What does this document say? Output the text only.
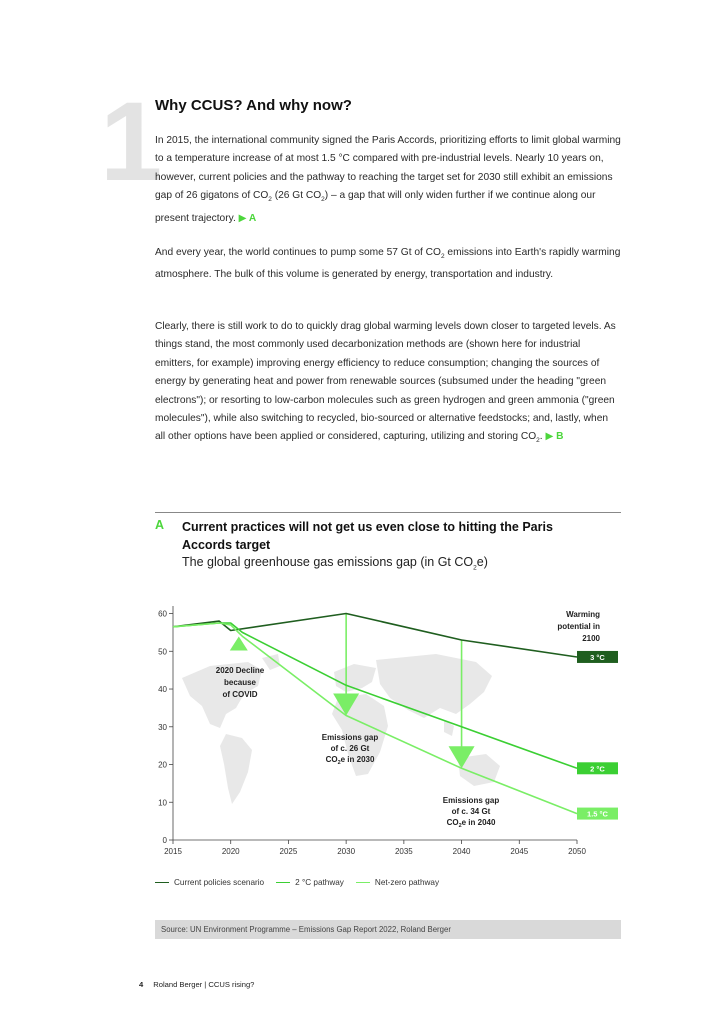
1
Why CCUS? And why now?

In 2015, the international community signed the Paris Accords, prioritizing efforts to limit global warming to a temperature increase of at most 1.5 °C compared with pre-industrial levels. Nearly 10 years on, however, current policies and the pathway to reaching the target set for 2030 still exhibit an emissions gap of 26 gigatons of $CO_2$ (26 Gt $CO_2$) – a gap that will only widen further if we continue along our present trajectory. ▶ A

And every year, the world continues to pump some 57 Gt of $CO_2$ emissions into Earth's rapidly warming atmosphere. The bulk of this volume is generated by energy, transportation and industry.

Clearly, there is still work to do to quickly drag global warming levels down closer to targeted levels. As things stand, the most commonly used decarbonization methods are (shown here for industrial emitters, for example) improving energy efficiency to reduce consumption; changing the sources of energy by generating heat and power from renewable sources (subsumed under the heading "green electrons"); or resorting to low-carbon molecules such as green hydrogen and green ammonia ("green molecules"), while also switching to recycled, bio-sourced or alternative feedstocks; and, lastly, when all other options have been applied or considered, capturing, utilizing and storing $CO_2$. ▶ B

A Current practices will not get us even close to hitting the Paris Accords target
The global greenhouse gas emissions gap (in Gt $CO_2e$)
0
10
20
30
40
50
60
2015	2020	2025	2030	2035	2040	2045	2050
3 °C
2 °C
1.5 °C
Warming
potential in
2100
2020 Decline because of COVID
Emissions gap of c. 26 Gt $CO_2e$ in 2030
Emissions gap of c. 34 Gt $CO_2e$ in 2040
Current policies scenario	2 °C pathway	Net-zero pathway
Source: UN Environment Programme – Emissions Gap Report 2022, Roland Berger
4 Roland Berger | CCUS rising?
